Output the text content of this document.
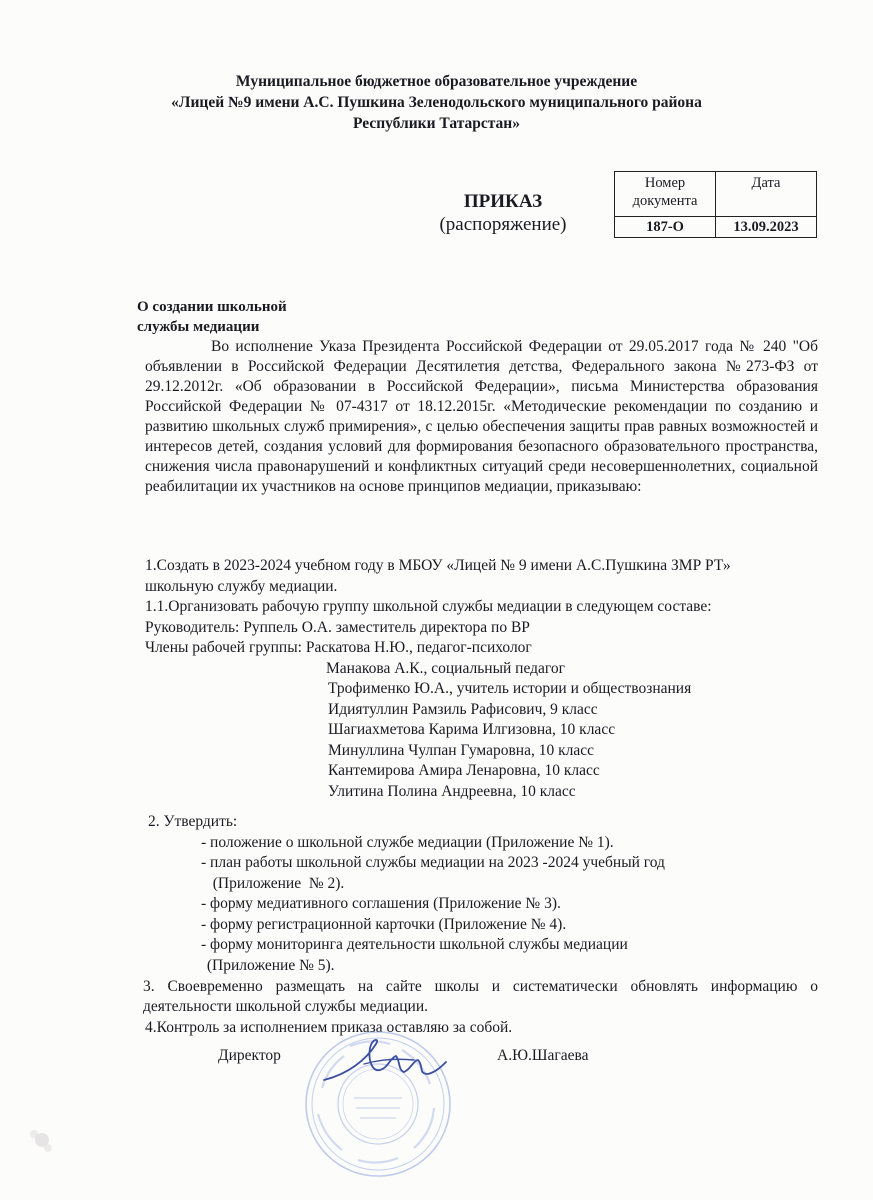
Муниципальное бюджетное образовательное учреждение
«Лицей №9 имени А.С. Пушкина Зеленодольского муниципального района
Республики Татарстан»
ПРИКАЗ
(распоряжение)
Номер
документа	Дата
187-О	13.09.2023
О создании школьной
службы медиации
Во исполнение Указа Президента Российской Федерации от 29.05.2017 года № 240 "Об объявлении в Российской Федерации Десятилетия детства, Федерального закона №273-ФЗ от 29.12.2012г. «Об образовании в Российской Федерации», письма Министерства образования Российской Федерации № 07-4317 от 18.12.2015г. «Методические рекомендации по созданию и развитию школьных служб примирения», с целью обеспечения защиты прав равных возможностей и интересов детей, создания условий для формирования безопасного образовательного пространства, снижения числа правонарушений и конфликтных ситуаций среди несовершеннолетних, социальной реабилитации их участников на основе принципов медиации, приказываю:
1.Создать в 2023-2024 учебном году в МБОУ «Лицей № 9 имени А.С.Пушкина ЗМР РТ»
школьную службу медиации.
1.1.Организовать рабочую группу школьной службы медиации в следующем составе:
Руководитель: Руппель О.А. заместитель директора по ВР
Члены рабочей группы: Раскатова Н.Ю., педагог-психолог
Манакова А.К., социальный педагог
Трофименко Ю.А., учитель истории и обществознания
Идиятуллин Рамзиль Рафисович, 9 класс
Шагиахметова Карима Илгизовна, 10 класс
Минуллина Чулпан Гумаровна, 10 класс
Кантемирова Амира Ленаровна, 10 класс
Улитина Полина Андреевна, 10 класс
2. Утвердить:
- положение о школьной службе медиации (Приложение № 1).
- план работы школьной службы медиации на 2023 -2024 учебный год
(Приложение  № 2).
- форму медиативного соглашения (Приложение № 3).
- форму регистрационной карточки (Приложение № 4).
- форму мониторинга деятельности школьной службы медиации
(Приложение № 5).
3. Своевременно размещать на сайте школы и систематически обновлять информацию о деятельности школьной службы медиации.
4.Контроль за исполнением приказа оставляю за собой.
Директор	А.Ю.Шагаева
